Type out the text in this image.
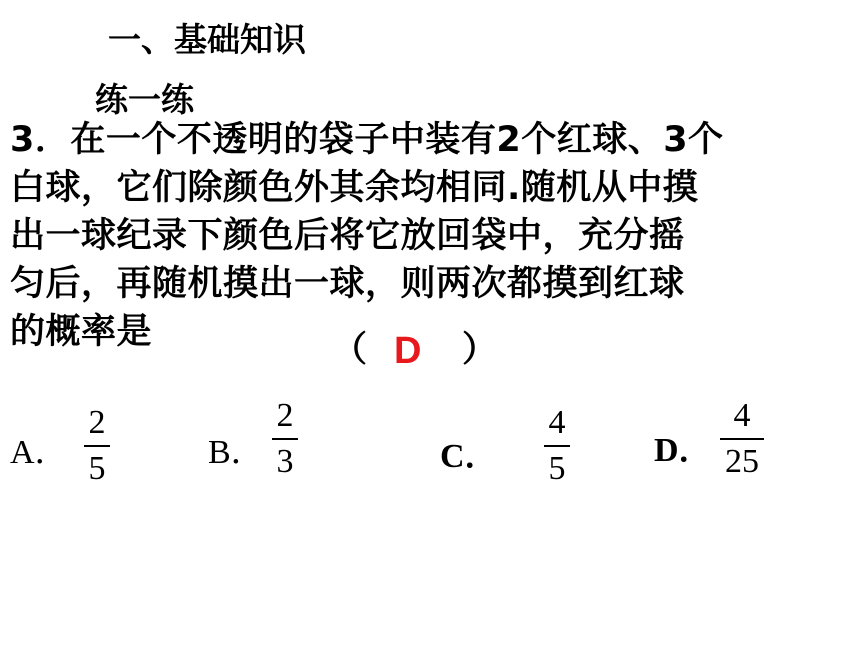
一、基础知识
练一练
3．在一个不透明的袋子中装有2个红球、3个
白球，它们除颜色外其余均相同.随机从中摸
出一球纪录下颜色后将它放回袋中，充分摇
匀后，再随机摸出一球，则两次都摸到红球
的概率是	（ D ）
A．
2
5	B．
2
3	C．
4
5	D．
4
25
